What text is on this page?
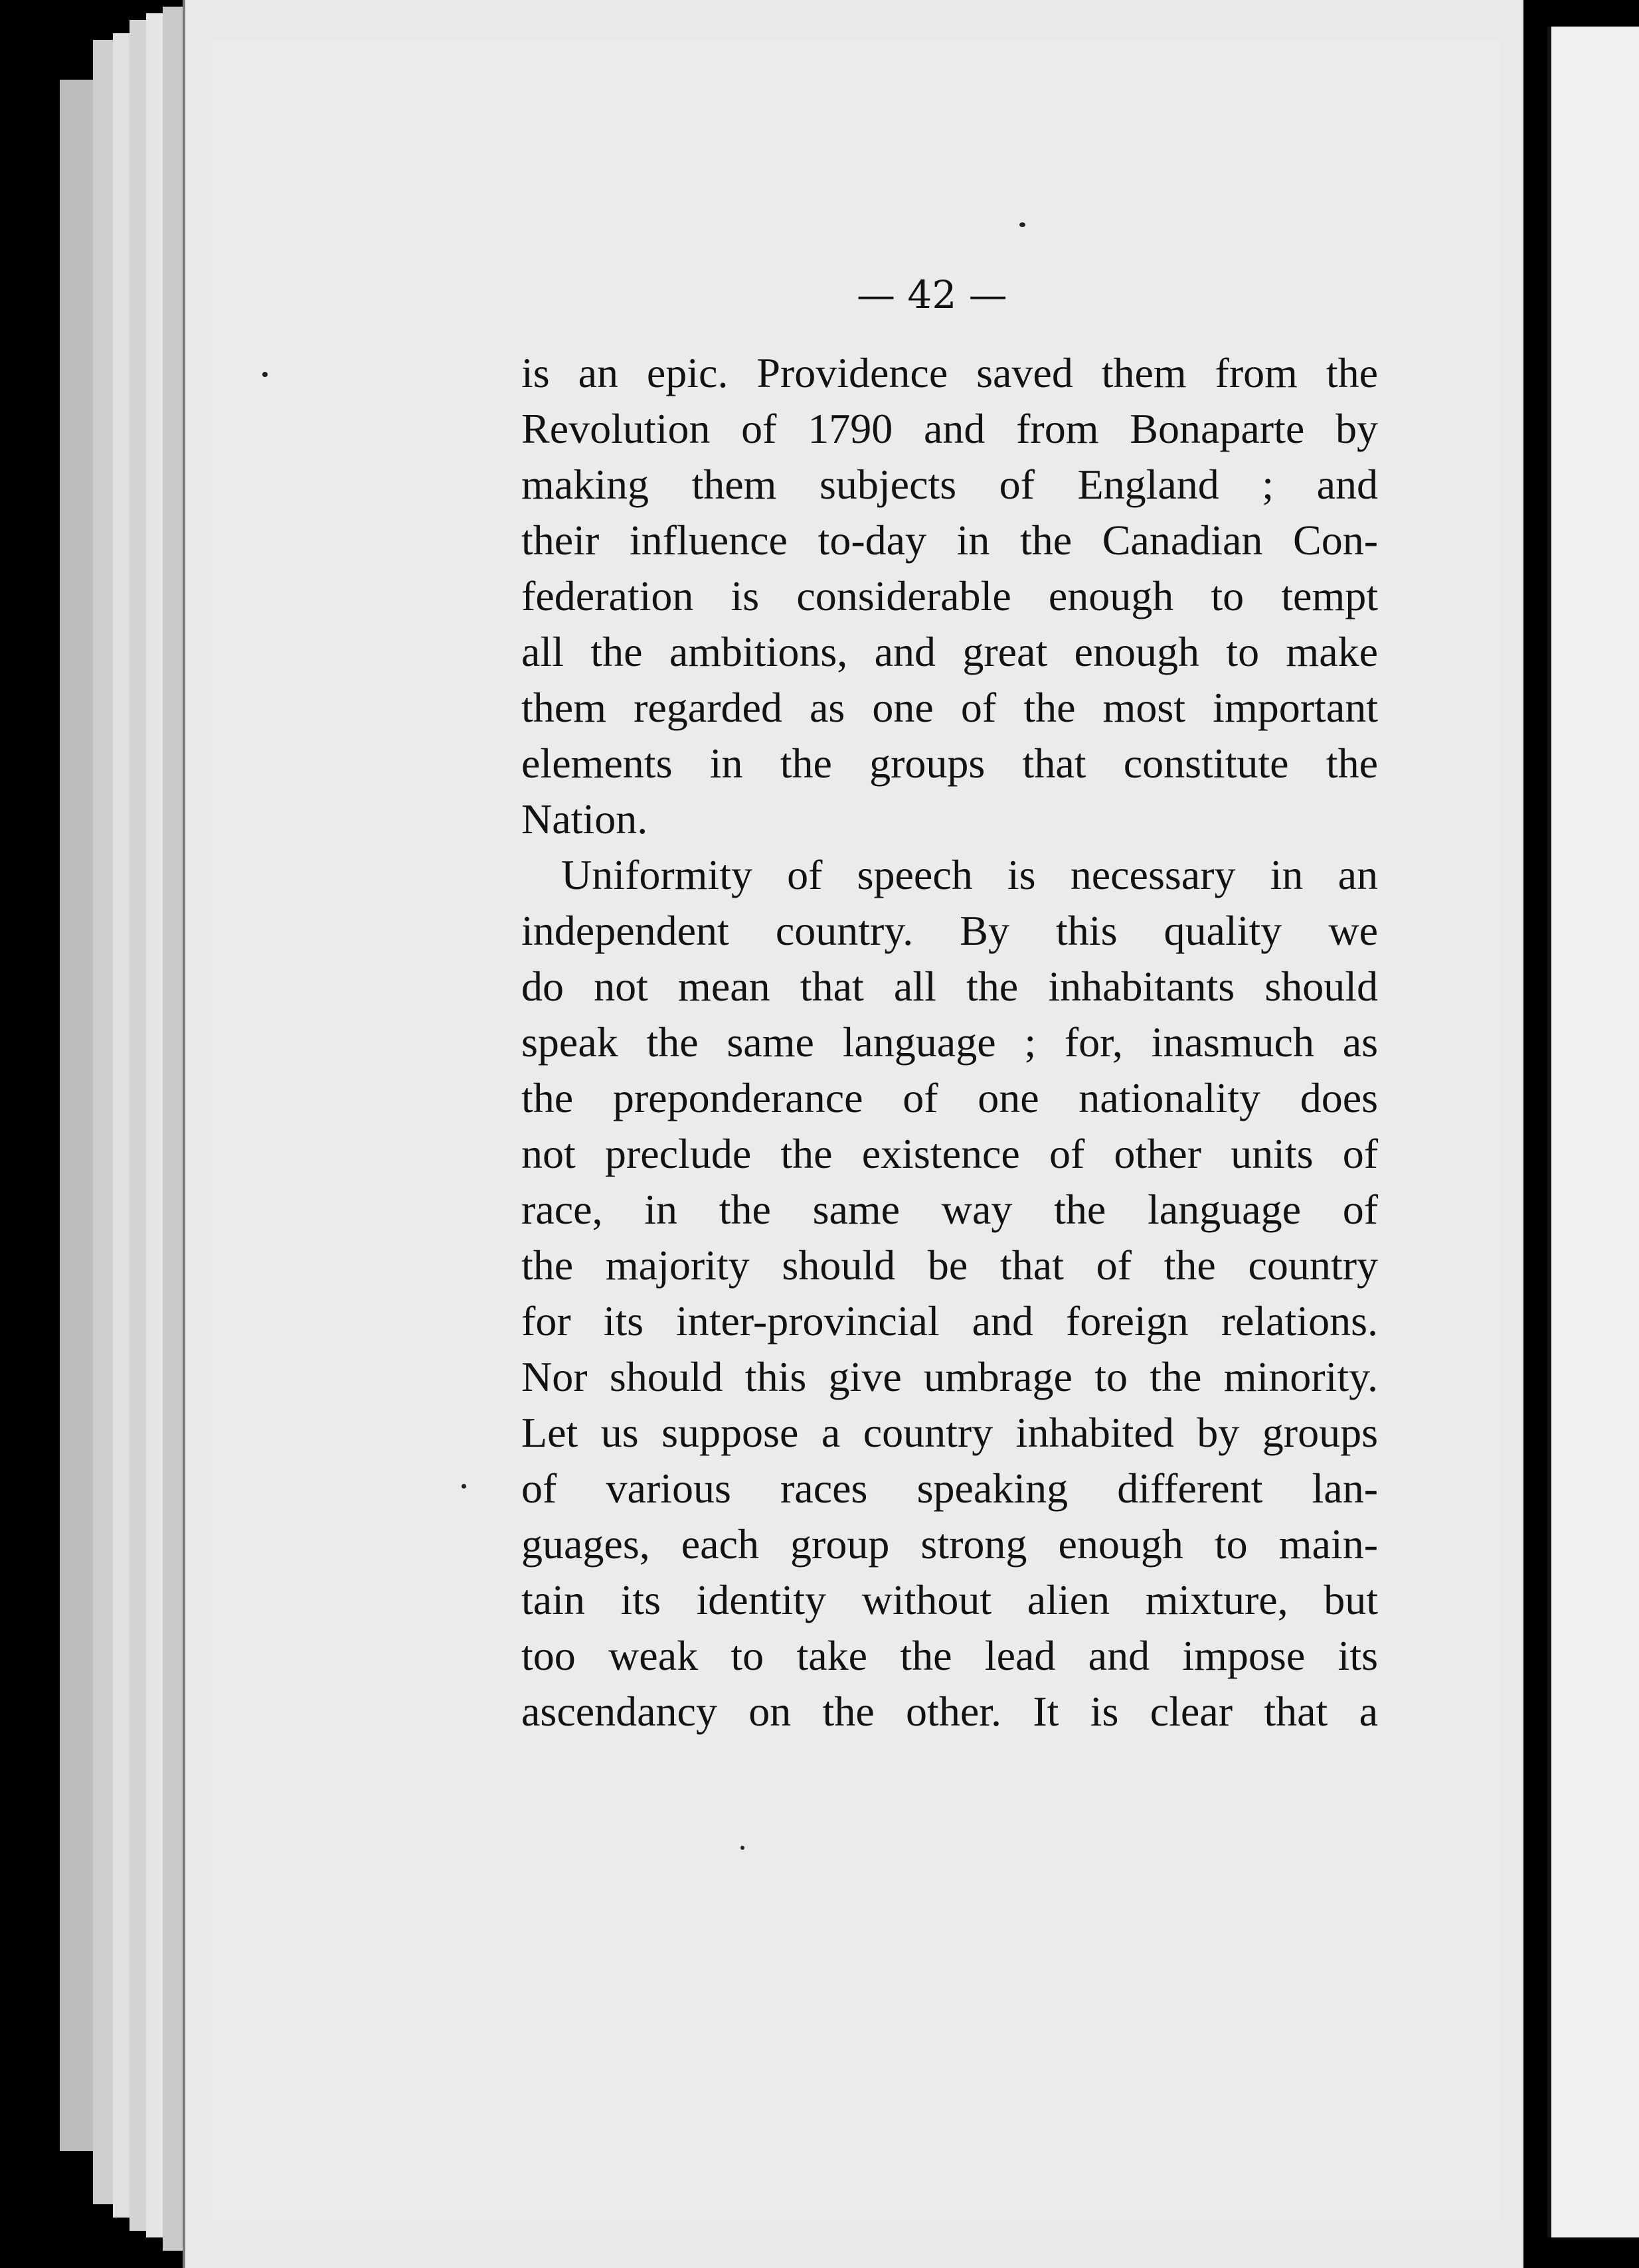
— 42 —
is an epic. Providence saved them from the
Revolution of 1790 and from Bonaparte by
making them subjects of England ; and
their influence to-day in the Canadian Con-
federation is considerable enough to tempt
all the ambitions, and great enough to make
them regarded as one of the most important
elements in the groups that constitute the
Nation.
Uniformity of speech is necessary in an
independent country. By this quality we
do not mean that all the inhabitants should
speak the same language ; for, inasmuch as
the preponderance of one nationality does
not preclude the existence of other units of
race, in the same way the language of
the majority should be that of the country
for its inter-provincial and foreign relations.
Nor should this give umbrage to the minority.
Let us suppose a country inhabited by groups
of various races speaking different lan-
guages, each group strong enough to main-
tain its identity without alien mixture, but
too weak to take the lead and impose its
ascendancy on the other. It is clear that a
